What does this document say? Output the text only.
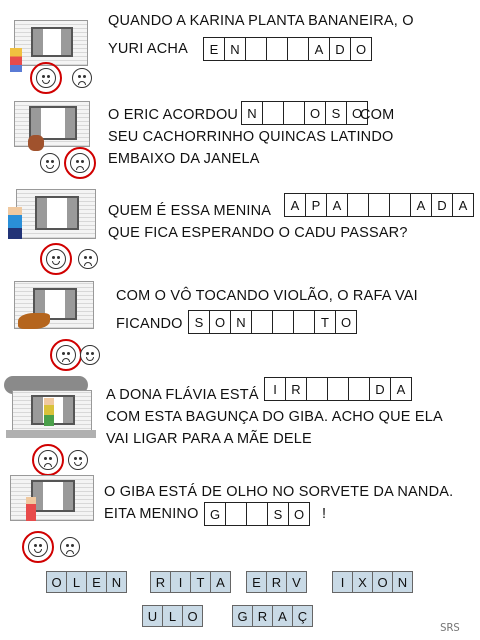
QUANDO A KARINA PLANTA BANANEIRA, O
YURI ACHA	E N	A D O
O ERIC ACORDOU N	O S O
COM
SEU CACHORRINHO QUINCAS LATINDO
EMBAIXO DA JANELA
QUEM É ESSA MENINA	A P A	A D A
QUE FICA ESPERANDO O CADU PASSAR?
COM O VÔ TOCANDO VIOLÃO, O RAFA VAI
FICANDO S O N	T O
A DONA FLÁVIA ESTÁ	I	R	D A
COM ESTA BAGUNÇA DO GIBA. ACHO QUE ELA
VAI LIGAR PARA A MÃE DELE
O GIBA ESTÁ DE OLHO NO SORVETE DA NANDA.
EITA MENINO G	S O	!
O L E N	R	I	T A	E R V	I	X O N
U L O	G R A Ç
SRS
